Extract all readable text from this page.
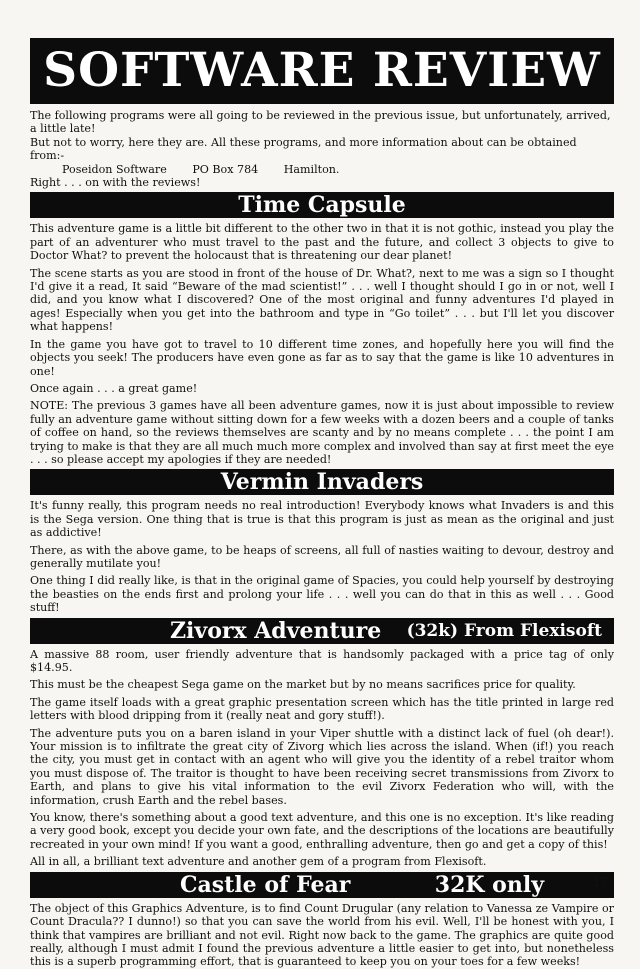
SOFTWARE REVIEW

The following programs were all going to be reviewed in the previous issue, but unfortunately, arrived, a little late!

But not to worry, here they are. All these programs, and more information about can be obtained from:-

Poseidon Software PO Box 784 Hamilton.

Right . . . on with the reviews!

Time Capsule

This adventure game is a little bit different to the other two in that it is not gothic, instead you play the part of an adventurer who must travel to the past and the future, and collect 3 objects to give to Doctor What? to prevent the holocaust that is threatening our dear planet!

The scene starts as you are stood in front of the house of Dr. What?, next to me was a sign so I thought I'd give it a read, It said “Beware of the mad scientist!” . . . well I thought should I go in or not, well I did, and you know what I discovered? One of the most original and funny adventures I'd played in ages! Especially when you get into the bathroom and type in “Go toilet” . . . but I'll let you discover what happens!

In the game you have got to travel to 10 different time zones, and hopefully here you will find the objects you seek! The producers have even gone as far as to say that the game is like 10 adventures in one!

Once again . . . a great game!

NOTE: The previous 3 games have all been adventure games, now it is just about impossible to review fully an adventure game without sitting down for a few weeks with a dozen beers and a couple of tanks of coffee on hand, so the reviews themselves are scanty and by no means complete . . . the point I am trying to make is that they are all much much more complex and involved than say at first meet the eye . . . so please accept my apologies if they are needed!

Vermin Invaders

It's funny really, this program needs no real introduction! Everybody knows what Invaders is and this is the Sega version. One thing that is true is that this program is just as mean as the original and just as addictive!

There, as with the above game, to be heaps of screens, all full of nasties waiting to devour, destroy and generally mutilate you!

One thing I did really like, is that in the original game of Spacies, you could help yourself by destroying the beasties on the ends first and prolong your life . . . well you can do that in this as well . . . Good stuff!

Zivorx Adventure (32k) From Flexisoft

A massive 88 room, user friendly adventure that is handsomly packaged with a price tag of only $14.95.

This must be the cheapest Sega game on the market but by no means sacrifices price for quality.

The game itself loads with a great graphic presentation screen which has the title printed in large red letters with blood dripping from it (really neat and gory stuff!).

The adventure puts you on a baren island in your Viper shuttle with a distinct lack of fuel (oh dear!). Your mission is to infiltrate the great city of Zivorg which lies across the island. When (if!) you reach the city, you must get in contact with an agent who will give you the identity of a rebel traitor whom you must dispose of. The traitor is thought to have been receiving secret transmissions from Zivorx to Earth, and plans to give his vital information to the evil Zivorx Federation who will, with the information, crush Earth and the rebel bases.

You know, there's something about a good text adventure, and this one is no exception. It's like reading a very good book, except you decide your own fate, and the descriptions of the locations are beautifully recreated in your own mind! If you want a good, enthralling adventure, then go and get a copy of this!

All in all, a brilliant text adventure and another gem of a program from Flexisoft.

Castle of Fear	32K only

The object of this Graphics Adventure, is to find Count Drugular (any relation to Vanessa ze Vampire or Count Dracula?? I dunno!) so that you can save the world from his evil. Well, I'll be honest with you, I think that vampires are brilliant and not evil. Right now back to the game. The graphics are quite good really, although I must admit I found the previous adventure a little easier to get into, but nonetheless this is a superb programming effort, that is guaranteed to keep you on your toes for a few weeks!

17
